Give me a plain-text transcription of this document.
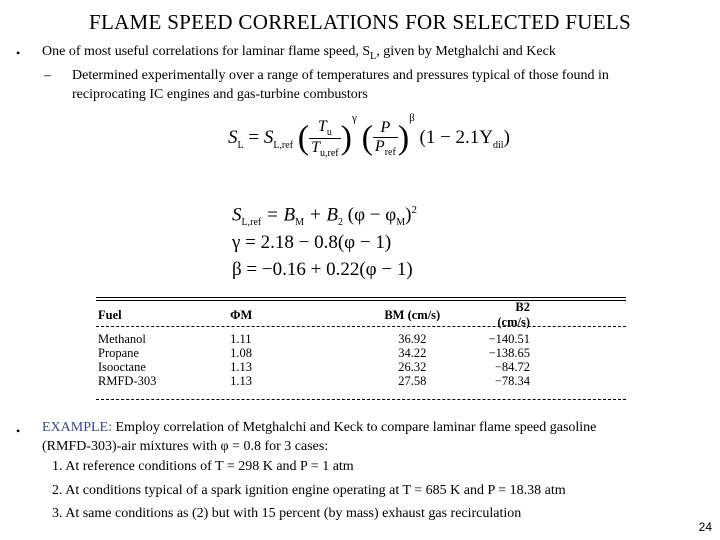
FLAME SPEED CORRELATIONS FOR SELECTED FUELS
• One of most useful correlations for laminar flame speed, $S_L$, given by Metghalchi and Keck
– Determined experimentally over a range of temperatures and pressures typical of those found in
reciprocating IC engines and gas-turbine combustors
$S_L = S_{L,ref}$ ( $\frac{T_u}{T_{u,ref}} )^\gamma$ ( $\frac{P}{P_{ref}} )^\beta$ $(1 - 2.1Y_{dil})$
$S_{L,ref} = B_M + B_2$ $(\varphi - \varphi_M)^2$
γ = 2.18 − 0.8(φ − 1)
β = −0.16 + 0.22(φ − 1)
Fuel	ΦM	BM (cm/s)	B2 (cm/s)
Methanol	1.11	36.92	−140.51
Propane	1.08	34.22	−138.65
Isooctane	1.13	26.32	−84.72
RMFD-303	1.13	27.58	−78.34
• EXAMPLE: Employ correlation of Metghalchi and Keck to compare laminar flame speed gasoline
(RMFD-303)-air mixtures with φ = 0.8 for 3 cases:
1. At reference conditions of T = 298 K and P = 1 atm
2. At conditions typical of a spark ignition engine operating at T = 685 K and P = 18.38 atm
3. At same conditions as (2) but with 15 percent (by mass) exhaust gas recirculation
24
